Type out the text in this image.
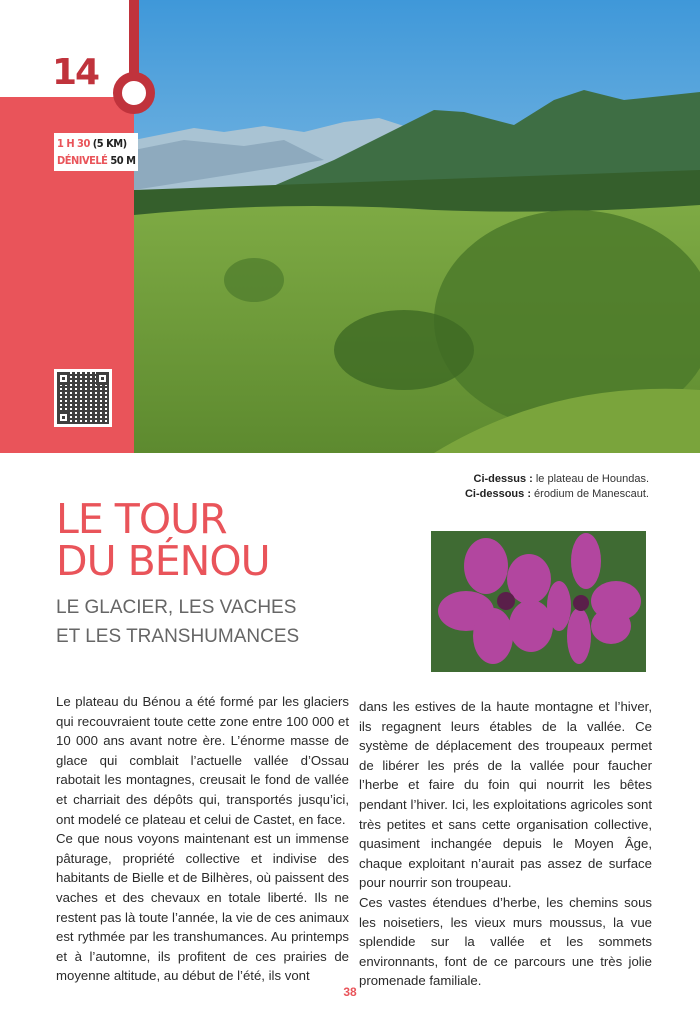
14
1 H 30 (5 KM)
DÉNIVELÉ 50 M
Ci-dessus : le plateau de Houndas.
Ci-dessous : érodium de Manescaut.
LE TOUR
DU BÉNOU
LE GLACIER, LES VACHES
ET LES TRANSHUMANCES

Le plateau du Bénou a été formé par les glaciers qui recouvraient toute cette zone entre 100 000 et 10 000 ans avant notre ère. L’énorme masse de glace qui comblait l’actuelle vallée d’Ossau rabotait les montagnes, creusait le fond de vallée et charriait des dépôts qui, transportés jusqu’ici, ont modelé ce plateau et celui de Castet, en face.

Ce que nous voyons maintenant est un immense pâturage, propriété collective et indivise des habitants de Bielle et de Bilhères, où paissent des vaches et des chevaux en totale liberté. Ils ne restent pas là toute l’année, la vie de ces animaux est rythmée par les transhumances. Au printemps et à l’automne, ils profitent de ces prairies de moyenne altitude, au début de l’été, ils vont

dans les estives de la haute montagne et l’hiver, ils regagnent leurs étables de la vallée. Ce système de déplacement des troupeaux permet de libérer les prés de la vallée pour faucher l’herbe et faire du foin qui nourrit les bêtes pendant l’hiver. Ici, les exploitations agricoles sont très petites et sans cette organisation collective, quasiment inchangée depuis le Moyen Âge, chaque exploitant n’aurait pas assez de surface pour nourrir son troupeau.

Ces vastes étendues d’herbe, les chemins sous les noisetiers, les vieux murs moussus, la vue splendide sur la vallée et les sommets environnants, font de ce parcours une très jolie promenade familiale.

38
